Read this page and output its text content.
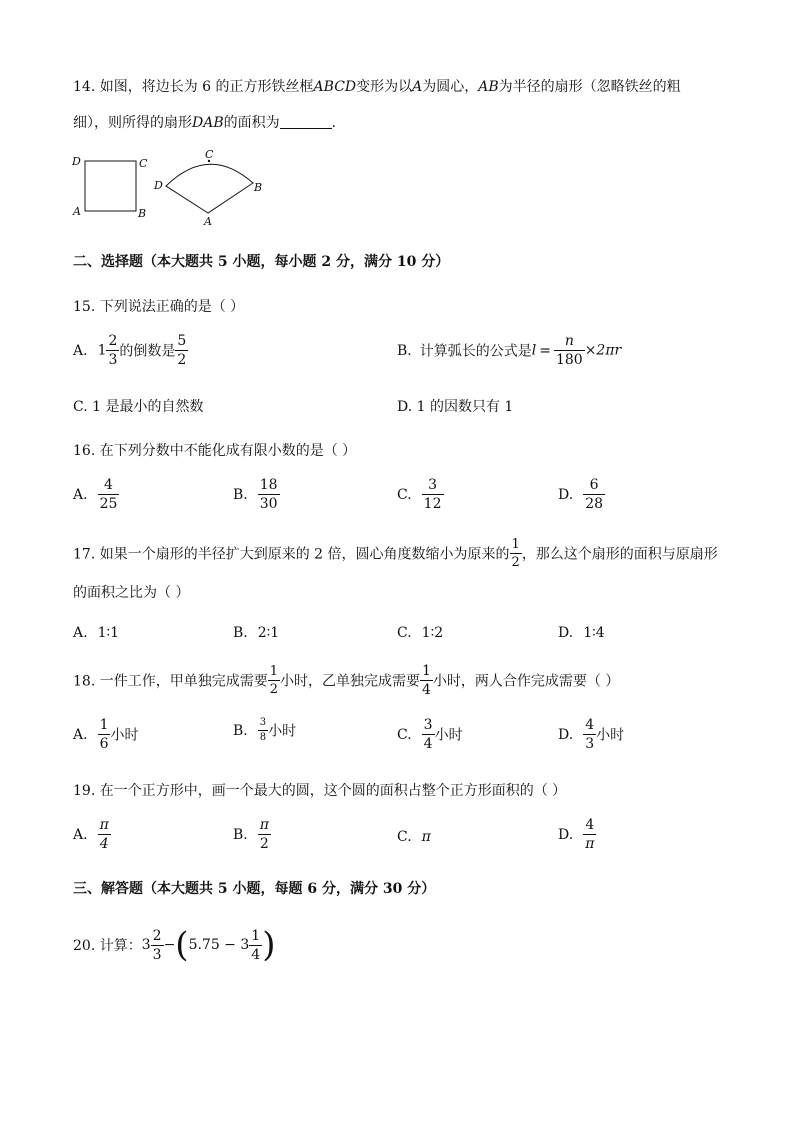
14. 如图，将边长为 6 的正方形铁丝框ABCD变形为以A为圆心，AB为半径的扇形（忽略铁丝的粗
细），则所得的扇形DAB的面积为	.
D	C
A	B
C
D	B
A
二、选择题（本大题共 5 小题，每小题 2 分，满分 10 分）
15. 下列说法正确的是（ ）
A. $1 \frac{2}{3}$ 的倒数是 $\frac{5}{2}$	B. 计算弧长的公式是$l = \frac{n}{180} \times 2\pi r$
C. 1 是最小的自然数	D. 1 的因数只有 1
16. 在下列分数中不能化成有限小数的是（ ）
A. $\frac{4}{25}$	B. $\frac{18}{30}$	C. $\frac{3}{12}$	D. $\frac{6}{28}$
17. 如果一个扇形的半径扩大到原来的 2 倍，圆心角度数缩小为原来的 $\frac{1}{2}$ ，那么这个扇形的面积与原扇形
的面积之比为（ ）
A. 1∶1	B. 2∶1	C. 1∶2	D. 1∶4
18. 一件工作，甲单独完成需要 $\frac{1}{2}$ 小时，乙单独完成需要 $\frac{1}{4}$ 小时，两人合作完成需要（ ）
A. $\frac{1}{6}$ 小时	B. $\frac{3}{8}$ 小时	C. $\frac{3}{4}$ 小时	D. $\frac{4}{3}$ 小时
19. 在一个正方形中，画一个最大的圆，这个圆的面积占整个正方形面积的（ ）
A. $\frac{\pi}{4}$	B. $\frac{\pi}{2}$	C. π	D. $\frac{4}{\pi}$
三、解答题（本大题共 5 小题，每题 6 分，满分 30 分）
20. 计算：$3 \frac{2}{3} -(5.75 - 3 \frac{1}{4}$ )
